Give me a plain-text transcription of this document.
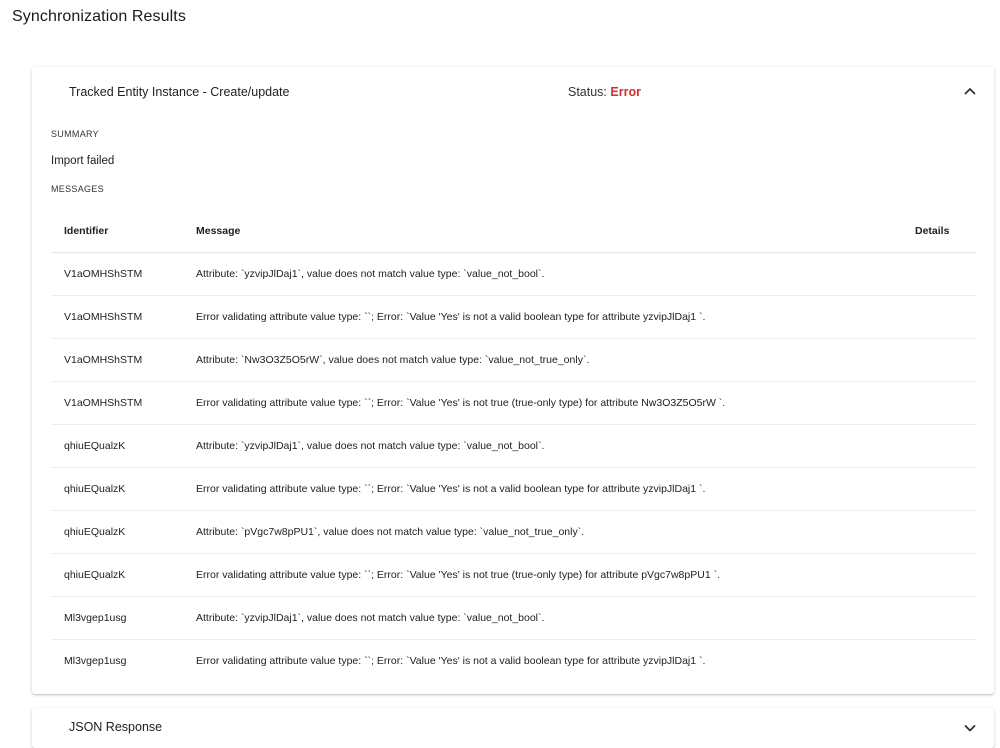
Synchronization Results
Tracked Entity Instance - Create/update	Status: Error
SUMMARY
Import failed
MESSAGES
Identifier	Message	Details
V1aOMHShSTM	Attribute: `yzvipJlDaj1`, value does not match value type: `value_not_bool`.	
V1aOMHShSTM	Error validating attribute value type: ``; Error: `Value 'Yes' is not a valid boolean type for attribute yzvipJlDaj1 `.	
V1aOMHShSTM	Attribute: `Nw3O3Z5O5rW`, value does not match value type: `value_not_true_only`.	
V1aOMHShSTM	Error validating attribute value type: ``; Error: `Value 'Yes' is not true (true-only type) for attribute Nw3O3Z5O5rW `.	
qhiuEQualzK	Attribute: `yzvipJlDaj1`, value does not match value type: `value_not_bool`.	
qhiuEQualzK	Error validating attribute value type: ``; Error: `Value 'Yes' is not a valid boolean type for attribute yzvipJlDaj1 `.	
qhiuEQualzK	Attribute: `pVgc7w8pPU1`, value does not match value type: `value_not_true_only`.	
qhiuEQualzK	Error validating attribute value type: ``; Error: `Value 'Yes' is not true (true-only type) for attribute pVgc7w8pPU1 `.	
Ml3vgep1usg	Attribute: `yzvipJlDaj1`, value does not match value type: `value_not_bool`.	
Ml3vgep1usg	Error validating attribute value type: ``; Error: `Value 'Yes' is not a valid boolean type for attribute yzvipJlDaj1 `.	
JSON Response
